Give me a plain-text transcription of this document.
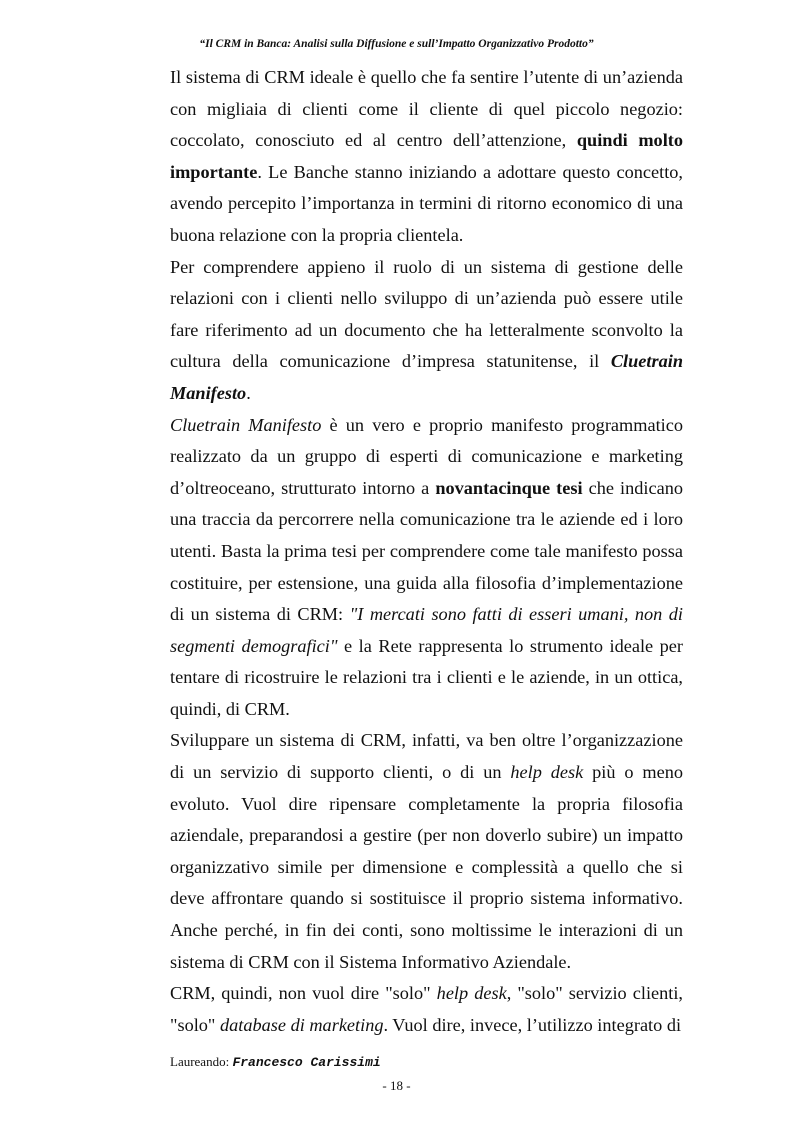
“Il CRM in Banca: Analisi sulla Diffusione e sull’Impatto Organizzativo Prodotto”

Il sistema di CRM ideale è quello che fa sentire l’utente di un’azienda con migliaia di clienti come il cliente di quel piccolo negozio: coccolato, conosciuto ed al centro dell’attenzione, quindi molto importante. Le Banche stanno iniziando a adottare questo concetto, avendo percepito l’importanza in termini di ritorno economico di una buona relazione con la propria clientela.

Per comprendere appieno il ruolo di un sistema di gestione delle relazioni con i clienti nello sviluppo di un’azienda può essere utile fare riferimento ad un documento che ha letteralmente sconvolto la cultura della comunicazione d’impresa statunitense, il Cluetrain Manifesto.

Cluetrain Manifesto è un vero e proprio manifesto programmatico realizzato da un gruppo di esperti di comunicazione e marketing d’oltreoceano, strutturato intorno a novantacinque tesi che indicano una traccia da percorrere nella comunicazione tra le aziende ed i loro utenti. Basta la prima tesi per comprendere come tale manifesto possa costituire, per estensione, una guida alla filosofia d’implementazione di un sistema di CRM: "I mercati sono fatti di esseri umani, non di segmenti demografici" e la Rete rappresenta lo strumento ideale per tentare di ricostruire le relazioni tra i clienti e le aziende, in un ottica, quindi, di CRM.

Sviluppare un sistema di CRM, infatti, va ben oltre l’organizzazione di un servizio di supporto clienti, o di un help desk più o meno evoluto. Vuol dire ripensare completamente la propria filosofia aziendale, preparandosi a gestire (per non doverlo subire) un impatto organizzativo simile per dimensione e complessità a quello che si deve affrontare quando si sostituisce il proprio sistema informativo. Anche perché, in fin dei conti, sono moltissime le interazioni di un sistema di CRM con il Sistema Informativo Aziendale.

CRM, quindi, non vuol dire "solo" help desk, "solo" servizio clienti, "solo" database di marketing. Vuol dire, invece, l’utilizzo integrato di

Laureando: Francesco Carissimi
- 18 -
